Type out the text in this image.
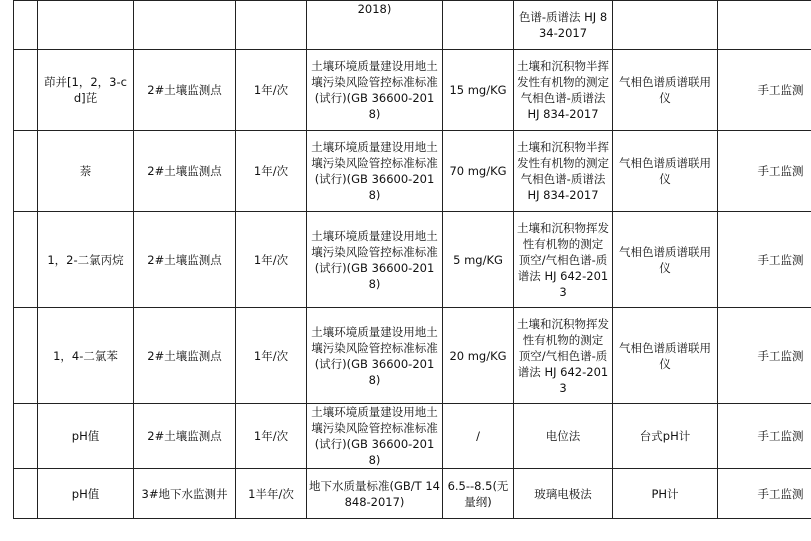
				2018)		色谱-质谱法 HJ 834-2017		
	茚并[1，2，3-cd]芘	2#土壤监测点	1年/次	土壤环境质量建设用地土壤污染风险管控标准标准(试行)(GB 36600-2018)	15 mg/KG	土壤和沉积物半挥发性有机物的测定 气相色谱-质谱法 HJ 834-2017	气相色谱质谱联用仪	手工监测
	萘	2#土壤监测点	1年/次	土壤环境质量建设用地土壤污染风险管控标准标准(试行)(GB 36600-2018)	70 mg/KG	土壤和沉积物半挥发性有机物的测定 气相色谱-质谱法 HJ 834-2017	气相色谱质谱联用仪	手工监测
	1，2-二氯丙烷	2#土壤监测点	1年/次	土壤环境质量建设用地土壤污染风险管控标准标准(试行)(GB 36600-2018)	5 mg/KG	土壤和沉积物挥发性有机物的测定 顶空/气相色谱-质谱法 HJ 642-2013	气相色谱质谱联用仪	手工监测
	1，4-二氯苯	2#土壤监测点	1年/次	土壤环境质量建设用地土壤污染风险管控标准标准(试行)(GB 36600-2018)	20 mg/KG	土壤和沉积物挥发性有机物的测定 顶空/气相色谱-质谱法 HJ 642-2013	气相色谱质谱联用仪	手工监测
	pH值	2#土壤监测点	1年/次	土壤环境质量建设用地土壤污染风险管控标准标准(试行)(GB 36600-2018)	/	电位法	台式pH计	手工监测
	pH值	3#地下水监测井	1半年/次	地下水质量标准(GB/T 14848-2017)	6.5--8.5(无量纲)	玻璃电极法	PH计	手工监测
